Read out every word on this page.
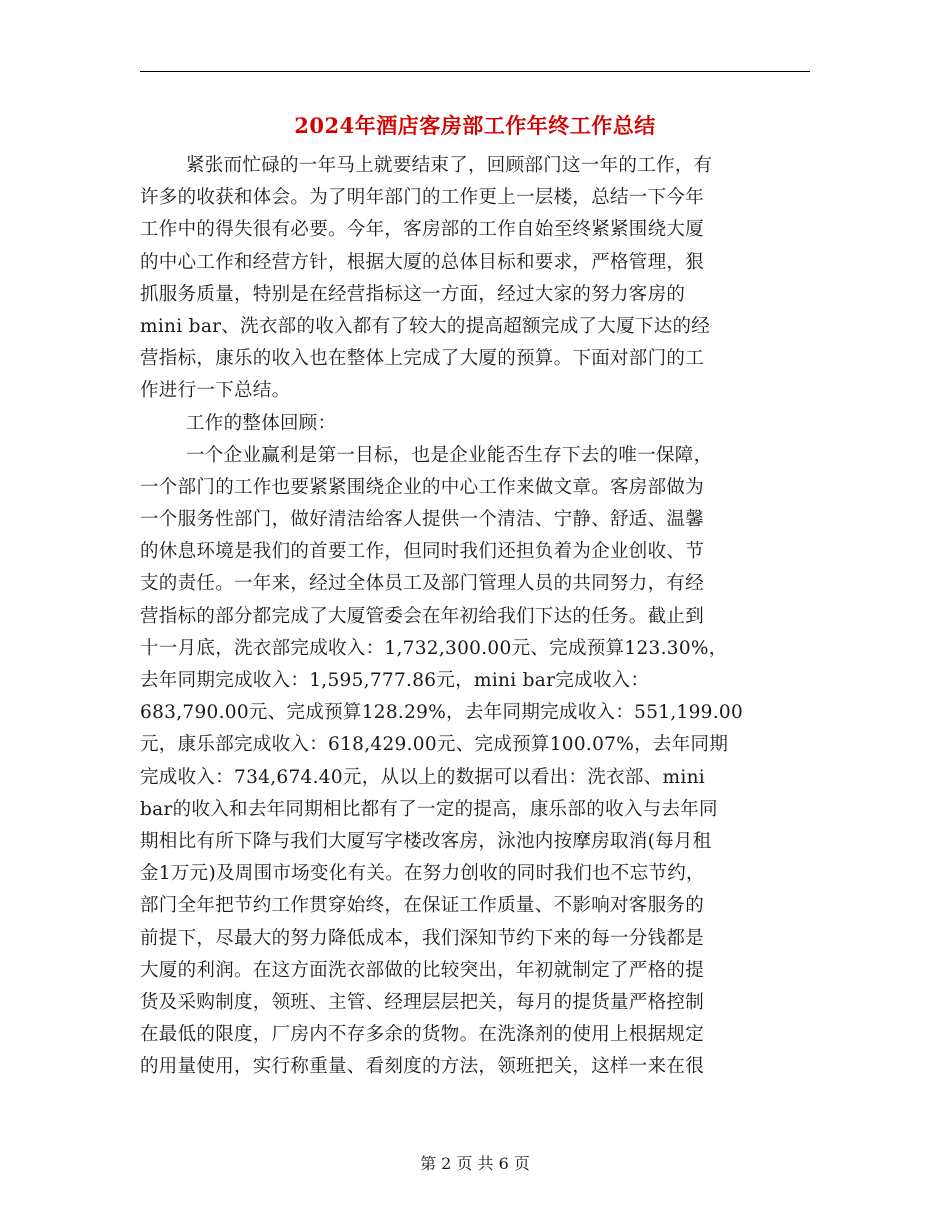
2024年酒店客房部工作年终工作总结
紧张而忙碌的一年马上就要结束了，回顾部门这一年的工作，有
许多的收获和体会。为了明年部门的工作更上一层楼，总结一下今年
工作中的得失很有必要。今年，客房部的工作自始至终紧紧围绕大厦
的中心工作和经营方针，根据大厦的总体目标和要求，严格管理，狠
抓服务质量，特别是在经营指标这一方面，经过大家的努力客房的
mini bar、洗衣部的收入都有了较大的提高超额完成了大厦下达的经
营指标，康乐的收入也在整体上完成了大厦的预算。下面对部门的工
作进行一下总结。
工作的整体回顾：
一个企业赢利是第一目标，也是企业能否生存下去的唯一保障，
一个部门的工作也要紧紧围绕企业的中心工作来做文章。客房部做为
一个服务性部门，做好清洁给客人提供一个清洁、宁静、舒适、温馨
的休息环境是我们的首要工作，但同时我们还担负着为企业创收、节
支的责任。一年来，经过全体员工及部门管理人员的共同努力，有经
营指标的部分都完成了大厦管委会在年初给我们下达的任务。截止到
十一月底，洗衣部完成收入：1,732,300.00元、完成预算123.30%，
去年同期完成收入：1,595,777.86元，mini bar完成收入：
683,790.00元、完成预算128.29%，去年同期完成收入：551,199.00
元，康乐部完成收入：618,429.00元、完成预算100.07%，去年同期
完成收入：734,674.40元，从以上的数据可以看出：洗衣部、mini
bar的收入和去年同期相比都有了一定的提高，康乐部的收入与去年同
期相比有所下降与我们大厦写字楼改客房，泳池内按摩房取消(每月租
金1万元)及周围市场变化有关。在努力创收的同时我们也不忘节约，
部门全年把节约工作贯穿始终，在保证工作质量、不影响对客服务的
前提下，尽最大的努力降低成本，我们深知节约下来的每一分钱都是
大厦的利润。在这方面洗衣部做的比较突出，年初就制定了严格的提
货及采购制度，领班、主管、经理层层把关，每月的提货量严格控制
在最低的限度，厂房内不存多余的货物。在洗涤剂的使用上根据规定
的用量使用，实行称重量、看刻度的方法，领班把关，这样一来在很
第 2 页 共 6 页
